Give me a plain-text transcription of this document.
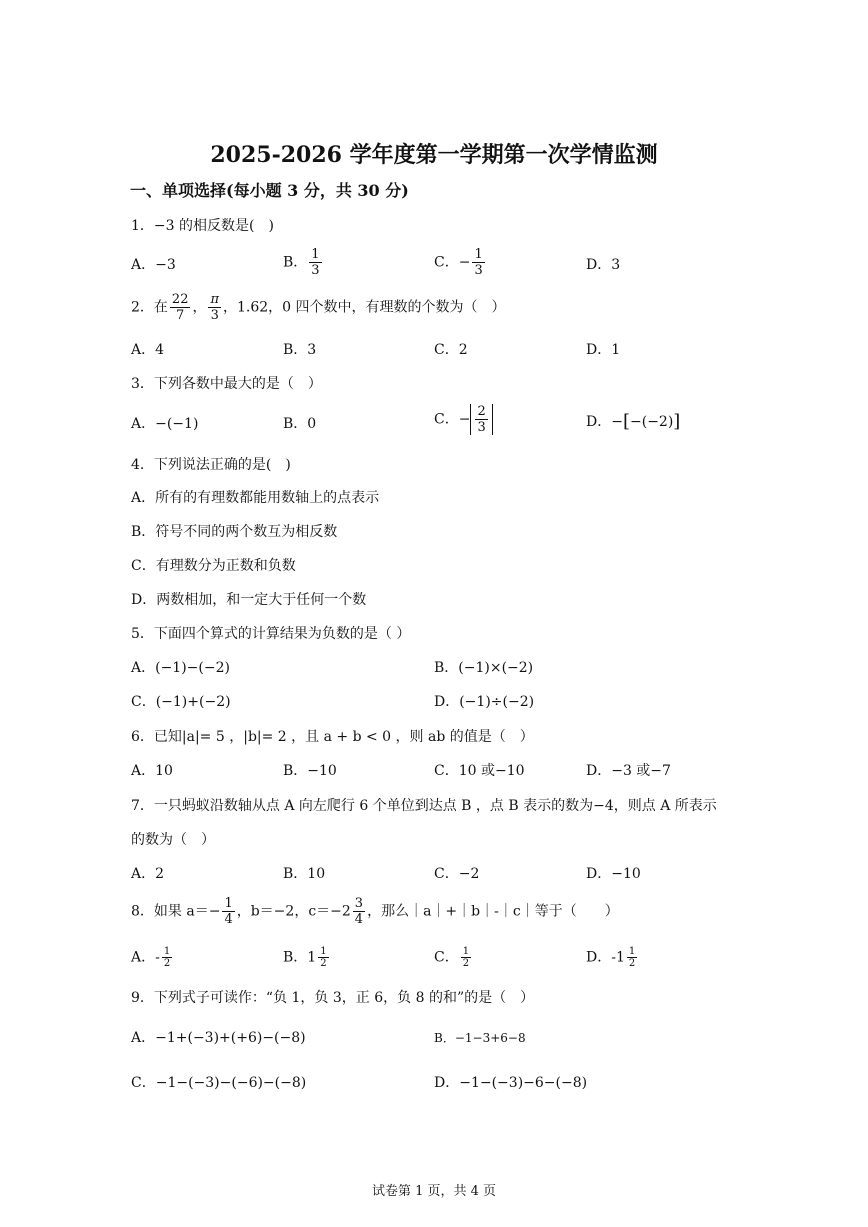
2025-2026 学年度第一学期第一次学情监测
一、单项选择(每小题 3 分，共 30 分)
1．−3 的相反数是(　)
A．−3	B． $\frac{1}{3}$	C．− $\frac{1}{3}$	D．3
2．在 $\frac{22}{7}$ ， $\frac{\pi}{3}$ ，1.62，0 四个数中，有理数的个数为（　）
A．4	B．3	C．2	D．1
3．下列各数中最大的是（　）
A．−(−1)	B．0	C．− $\frac{2}{3}$	D．−[−(−2)]
4．下列说法正确的是(　)
A．所有的有理数都能用数轴上的点表示
B．符号不同的两个数互为相反数
C．有理数分为正数和负数
D．两数相加，和一定大于任何一个数
5．下面四个算式的计算结果为负数的是（ ）
A．(−1)−(−2)	B．(−1)×(−2)
C．(−1)+(−2)	D．(−1)÷(−2)
6．已知|a|= 5 ，|b|= 2 ，且 a + b < 0 ，则 ab 的值是（　）
A．10	B．−10	C．10 或−10	D．−3 或−7
7．一只蚂蚁沿数轴从点 A 向左爬行 6 个单位到达点 B ，点 B 表示的数为−4，则点 A 所表示
的数为（　）
A．2	B．10	C．−2	D．−10
8．如果 $a=- \frac{1}{4}$ ，b＝−2，$c=-2 \frac{3}{4}$ ，那么｜a｜+｜b｜-｜c｜等于（　　）
A．- $\frac{1}{2}$	B．$1 \frac{1}{2}$	C． $\frac{1}{2}$	D．$-1 \frac{1}{2}$
9．下列式子可读作：“负 1，负 3，正 6，负 8 的和”的是（　）
A．−1+(−3)+(+6)−(−8)	B．−1−3+6−8
C．−1−(−3)−(−6)−(−8)	D．−1−(−3)−6−(−8)
试卷第 1 页，共 4 页
